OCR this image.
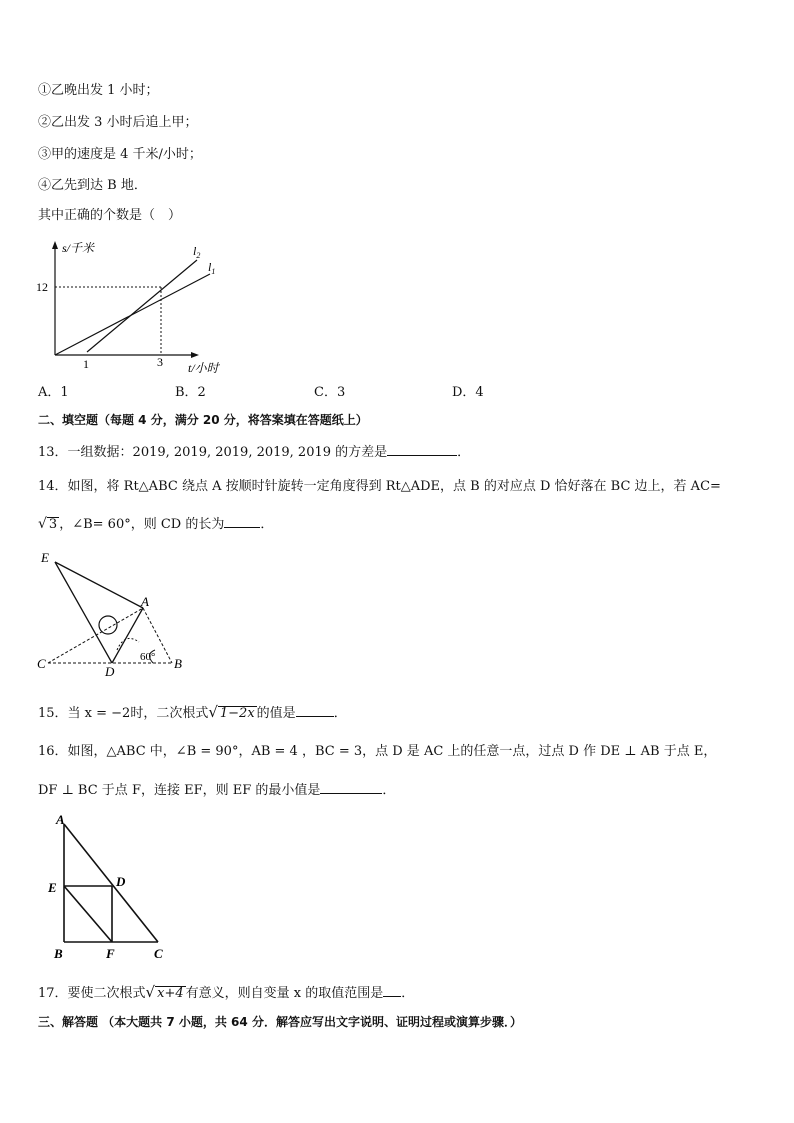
①乙晚出发 1 小时；
②乙出发 3 小时后追上甲；
③甲的速度是 4 千米/小时；
④乙先到达 B 地．
其中正确的个数是（　）
s/千米
12
1	3 t/小时
$l_2$
$l_1$
A．1	B．2	C．3	D．4
二、填空题（每题 4 分，满分 20 分，将答案填在答题纸上）
13．一组数据：2019, 2019, 2019, 2019, 2019 的方差是	．
14．如图，将 Rt△ABC 绕点 A 按顺时针旋转一定角度得到 Rt△ADE，点 B 的对应点 D 恰好落在 BC 边上，若 AC=
√ 3 ，∠B= 60°，则 CD 的长为	．
E
A
C
D
B
60°
15．当 x = −2时，二次根式√ 1−2x 的值是	．
16．如图，△ABC 中，∠B = 90°，AB = 4 ，BC = 3，点 D 是 AC 上的任意一点，过点 D 作 DE ⊥ AB 于点 E，
DF ⊥ BC 于点 F，连接 EF，则 EF 的最小值是	．
A
E	D
B	F	C
17．要使二次根式√ x+4 有意义，则自变量 x 的取值范围是 ．
三、解答题 （本大题共 7 小题，共 64 分．解答应写出文字说明、证明过程或演算步骤．）
